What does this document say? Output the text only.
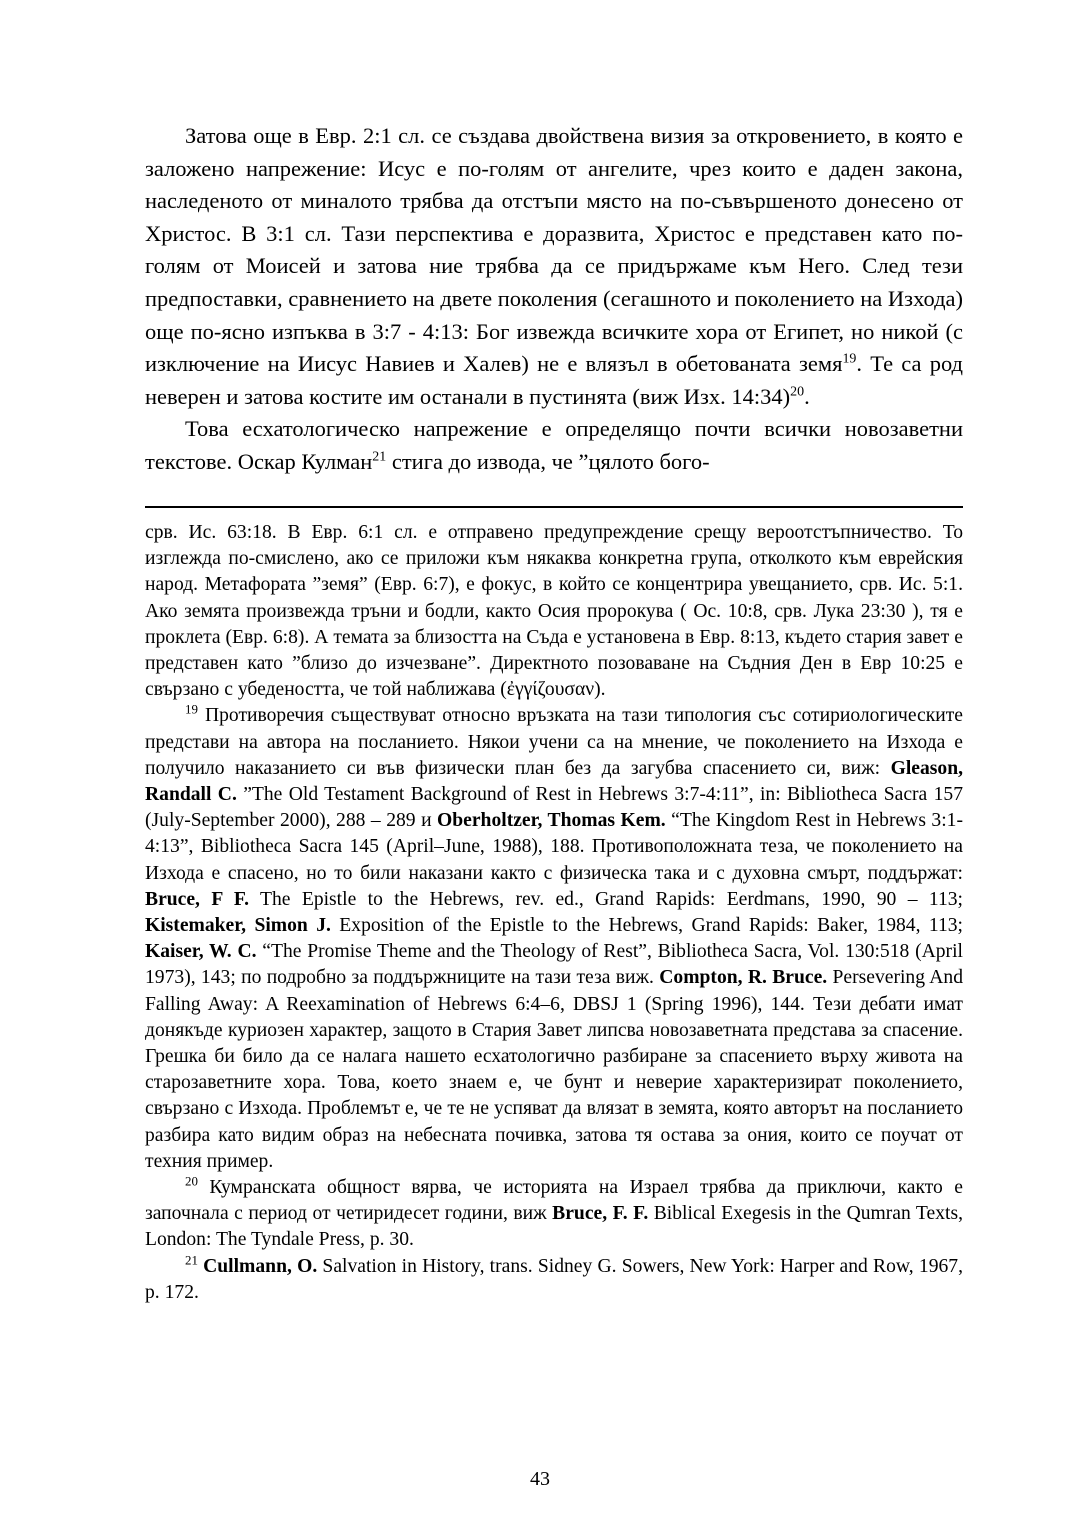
Затова още в Евр. 2:1 сл. се създава двойствена визия за откровението, в която е заложено напрежение: Исус е по-голям от ангелите, чрез които е даден закона, наследеното от миналото трябва да отстъпи място на по-съвършеното донесено от Христос. В 3:1 сл. Тази перспектива е доразвита, Христос е представен като по-голям от Моисей и затова ние трябва да се придържаме към Него. След тези предпоставки, сравнението на двете поколения (сегашното и поколението на Изхода) още по-ясно изпъква в 3:7 - 4:13: Бог извежда всичките хора от Египет, но никой (с изключение на Иисус Навиев и Халев) не е влязъл в обетованата земя$^{19}$. Те са род неверен и затова костите им останали в пустинята (виж Изх. 14:34)$^{20}$.

Това есхатологическо напрежение е определящо почти всички новозаветни текстове. Оскар Кулман$^{21}$ стига до извода, че ”цялото бого-

срв. Ис. 63:18. В Евр. 6:1 сл. е отправено предупреждение срещу вероотстъпничество. То изглежда по-смислено, ако се приложи към някаква конкретна група, отколкото към еврейския народ. Метафората ”земя” (Евр. 6:7), е фокус, в който се концентрира увещанието, срв. Ис. 5:1. Ако земята произвежда тръни и бодли, както Осия пророкува ( Ос. 10:8, срв. Лука 23:30 ), тя е проклета (Евр. 6:8). А темата за близостта на Съда е установена в Евр. 8:13, където стария завет е представен като ”близо до изчезване”. Директното позоваване на Съдния Ден в Евр 10:25 е свързано с убедеността, че той наближава (ἐγγίζουσαν).

$^{19}$ Противоречия съществуват относно връзката на тази типология със сотириологическите представи на автора на посланието. Някои учени са на мнение, че поколението на Изхода е получило наказанието си във физически план без да загубва спасението си, виж: Gleason, Randall C. ”The Old Testament Background of Rest in Hebrews 3:7-4:11”, in: Bibliotheca Sacra 157 (July-September 2000), 288 – 289 и Oberholtzer, Thomas Kem. “The Kingdom Rest in Hebrews 3:1-4:13”, Bibliotheca Sacra 145 (April–June, 1988), 188. Противоположната теза, че поколението на Изхода е спасено, но то били наказани както с физическа така и с духовна смърт, поддържат: Bruce, F F. The Epistle to the Hebrews, rev. ed., Grand Rapids: Eerdmans, 1990, 90 – 113; Kistemaker, Simon J. Exposition of the Epistle to the Hebrews, Grand Rapids: Baker, 1984, 113; Kaiser, W. C. “The Promise Theme and the Theology of Rest”, Bibliotheca Sacra, Vol. 130:518 (April 1973), 143; по подробно за поддържниците на тази теза виж. Compton, R. Bruce. Persevering And Falling Away: A Reexamination of Hebrews 6:4–6, DBSJ 1 (Spring 1996), 144. Тези дебати имат донякъде куриозен характер, защото в Стария Завет липсва новозаветната представа за спасение. Грешка би било да се налага нашето есхатологично разбиране за спасението върху живота на старозаветните хора. Това, което знаем е, че бунт и неверие характеризират поколението, свързано с Изхода. Проблемът е, че те не успяват да влязат в земята, която авторът на посланието разбира като видим образ на небесната почивка, затова тя остава за ония, които се поучат от техния пример.

$^{20}$ Кумранската общност вярва, че историята на Израел трябва да приключи, както е започнала с период от четиридесет години, виж Bruce, F. F. Biblical Exegesis in the Qumran Texts, London: The Tyndale Press, p. 30.

$^{21}$ Cullmann, O. Salvation in History, trans. Sidney G. Sowers, New York: Harper and Row, 1967, p. 172.

43
